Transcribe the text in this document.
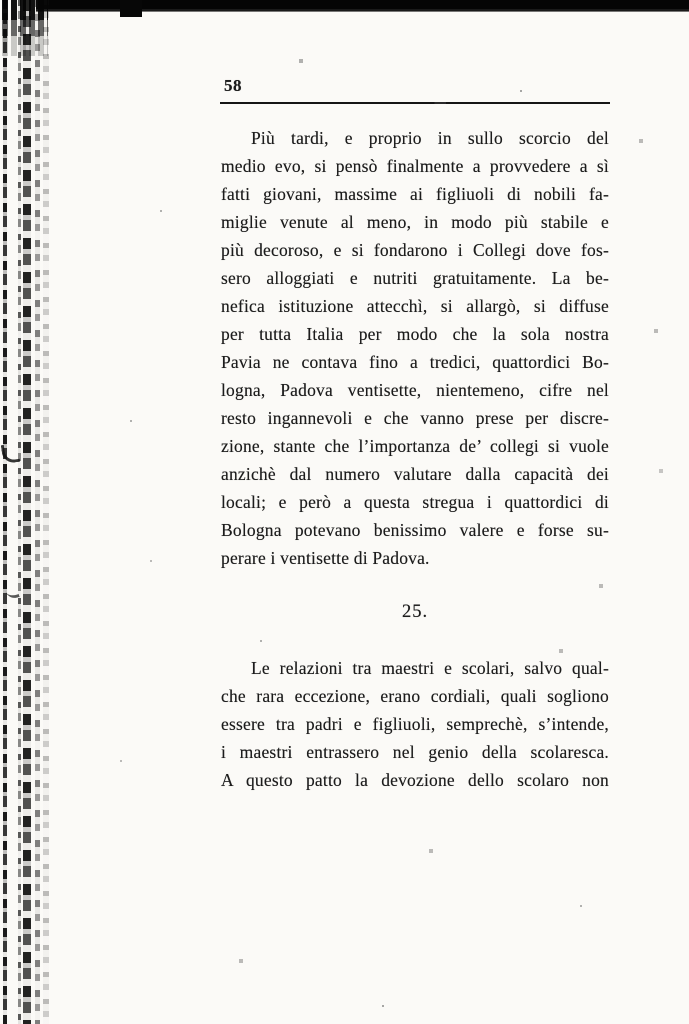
58
Più tardi, e proprio in sullo scorcio del
medio evo, si pensò finalmente a provvedere a sì
fatti giovani, massime ai figliuoli di nobili fa-
miglie venute al meno, in modo più stabile e
più decoroso, e si fondarono i Collegi dove fos-
sero alloggiati e nutriti gratuitamente. La be-
nefica istituzione attecchì, si allargò, si diffuse
per tutta Italia per modo che la sola nostra
Pavia ne contava fino a tredici, quattordici Bo-
logna, Padova ventisette, nientemeno, cifre nel
resto ingannevoli e che vanno prese per discre-
zione, stante che l’importanza de’ collegi si vuole
anzichè dal numero valutare dalla capacità dei
locali; e però a questa stregua i quattordici di
Bologna potevano benissimo valere e forse su-
perare i ventisette di Padova.
25.
Le relazioni tra maestri e scolari, salvo qual-
che rara eccezione, erano cordiali, quali sogliono
essere tra padri e figliuoli, semprechè, s’intende,
i maestri entrassero nel genio della scolaresca.
A questo patto la devozione dello scolaro non
